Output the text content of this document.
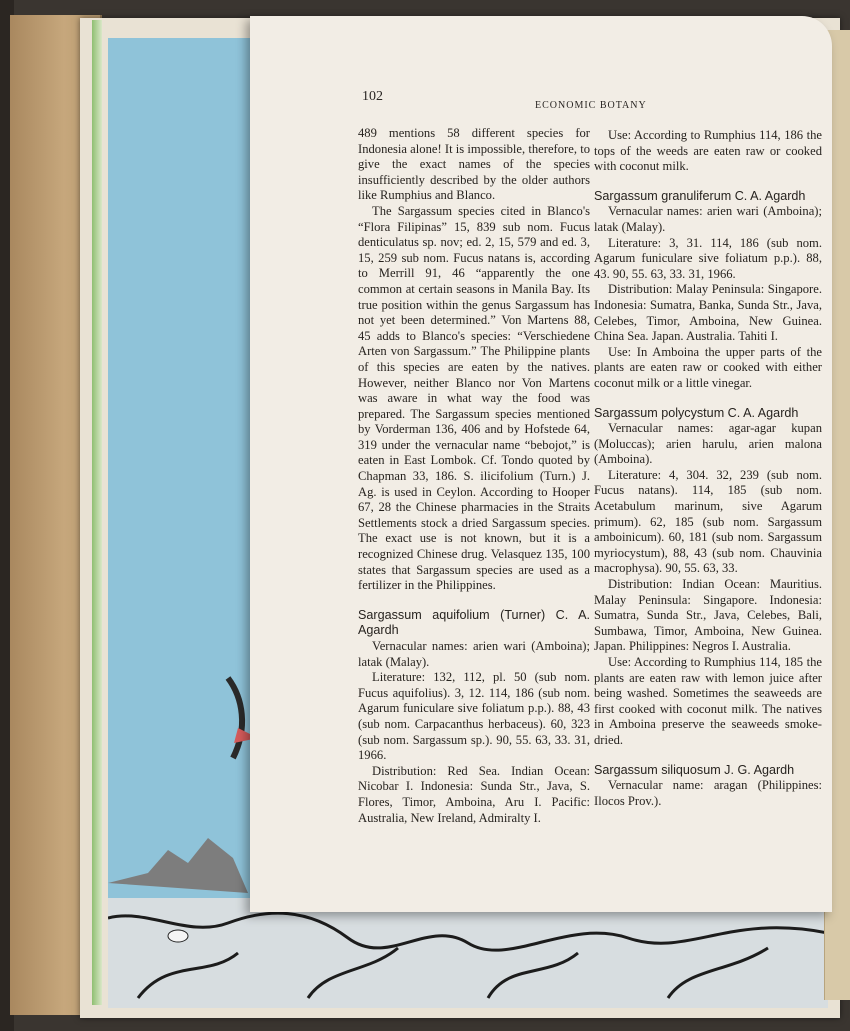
102
ECONOMIC BOTANY

489 mentions 58 different species for Indonesia alone! It is impossible, therefore, to give the exact names of the species insufficiently described by the older authors like Rumphius and Blanco.

The Sargassum species cited in Blanco's “Flora Filipinas” 15, 839 sub nom. Fucus denticulatus sp. nov; ed. 2, 15, 579 and ed. 3, 15, 259 sub nom. Fucus natans is, according to Merrill 91, 46 “apparently the one common at certain seasons in Manila Bay. Its true position within the genus Sargassum has not yet been determined.” Von Martens 88, 45 adds to Blanco's species: “Verschiedene Arten von Sargassum.” The Philippine plants of this species are eaten by the natives. However, neither Blanco nor Von Martens was aware in what way the food was prepared. The Sargassum species mentioned by Vorderman 136, 406 and by Hofstede 64, 319 under the vernacular name “bebojot,” is eaten in East Lombok. Cf. Tondo quoted by Chapman 33, 186. S. ilicifolium (Turn.) J. Ag. is used in Ceylon. According to Hooper 67, 28 the Chinese pharmacies in the Straits Settlements stock a dried Sargassum species. The exact use is not known, but it is a recognized Chinese drug. Velasquez 135, 100 states that Sargassum species are used as a fertilizer in the Philippines.

Sargassum aquifolium (Turner) C. A. Agardh

Vernacular names: arien wari (Amboina); latak (Malay).

Literature: 132, 112, pl. 50 (sub nom. Fucus aquifolius). 3, 12. 114, 186 (sub nom. Agarum funiculare sive foliatum p.p.). 88, 43 (sub nom. Carpacanthus herbaceus). 60, 323 (sub nom. Sargassum sp.). 90, 55. 63, 33. 31, 1966.

Distribution: Red Sea. Indian Ocean: Nicobar I. Indonesia: Sunda Str., Java, S. Flores, Timor, Amboina, Aru I. Pacific: Australia, New Ireland, Admiralty I.

Use: According to Rumphius 114, 186 the tops of the weeds are eaten raw or cooked with coconut milk.

Sargassum granuliferum C. A. Agardh

Vernacular names: arien wari (Amboina); latak (Malay).

Literature: 3, 31. 114, 186 (sub nom. Agarum funiculare sive foliatum p.p.). 88, 43. 90, 55. 63, 33. 31, 1966.

Distribution: Malay Peninsula: Singapore. Indonesia: Sumatra, Banka, Sunda Str., Java, Celebes, Timor, Amboina, New Guinea. China Sea. Japan. Australia. Tahiti I.

Use: In Amboina the upper parts of the plants are eaten raw or cooked with either coconut milk or a little vinegar.

Sargassum polycystum C. A. Agardh

Vernacular names: agar-agar kupan (Moluccas); arien harulu, arien malona (Amboina).

Literature: 4, 304. 32, 239 (sub nom. Fucus natans). 114, 185 (sub nom. Acetabulum marinum, sive Agarum primum). 62, 185 (sub nom. Sargassum amboinicum). 60, 181 (sub nom. Sargassum myriocystum), 88, 43 (sub nom. Chauvinia macrophysa). 90, 55. 63, 33.

Distribution: Indian Ocean: Mauritius. Malay Peninsula: Singapore. Indonesia: Sumatra, Sunda Str., Java, Celebes, Bali, Sumbawa, Timor, Amboina, New Guinea. Japan. Philippines: Negros I. Australia.

Use: According to Rumphius 114, 185 the plants are eaten raw with lemon juice after being washed. Sometimes the seaweeds are first cooked with coconut milk. The natives in Amboina preserve the seaweeds smoke-dried.

Sargassum siliquosum J. G. Agardh

Vernacular name: aragan (Philippines: Ilocos Prov.).
